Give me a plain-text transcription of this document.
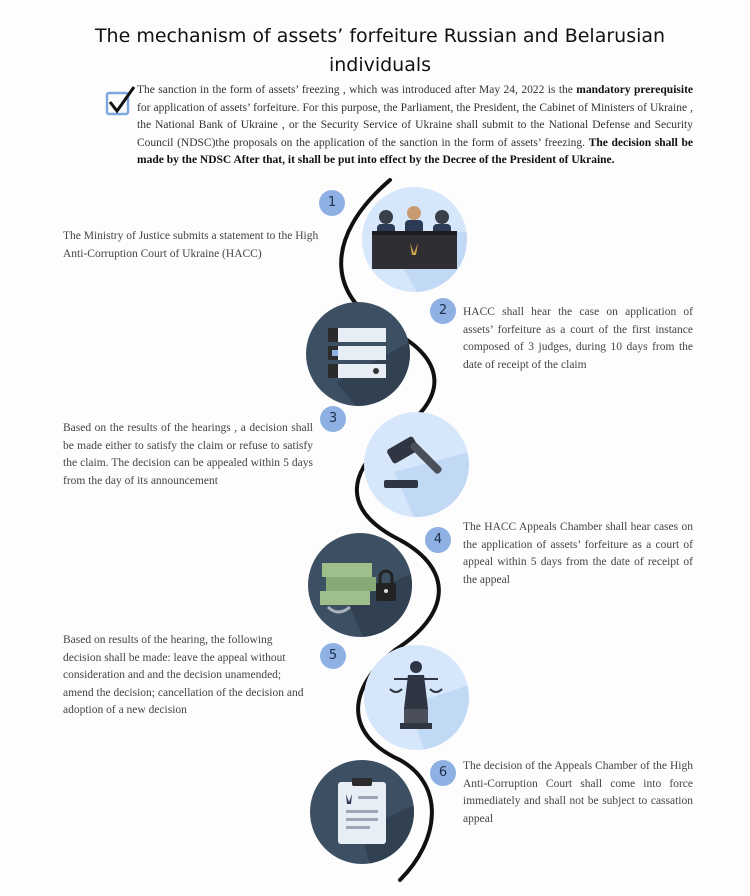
The mechanism of assets’ forfeiture Russian and Belarusian individuals
The sanction in the form of assets’ freezing , which was introduced after May 24, 2022 is the mandatory prerequisite for application of assets’ forfeiture. For this purpose, the Parliament, the President, the Cabinet of Ministers of Ukraine , the National Bank of Ukraine , or the Security Service of Ukraine shall submit to the National Defense and Security Council (NDSC)the proposals on the application of the sanction in the form of assets’ freezing. The decision shall be made by the NDSC After that, it shall be put into effect by the Decree of the President of Ukraine.
1
The Ministry of Justice submits a statement to the High Anti-Corruption Court of Ukraine (HACC)
2	HACC shall hear the case on application of assets’ forfeiture as a court of the first instance composed of 3 judges, during 10 days from the date of receipt of the claim
3
Based on the results of the hearings , a decision shall be made either to satisfy the claim or refuse to satisfy the claim. The decision can be appealed within 5 days from the day of its announcement
4
The HACC Appeals Chamber shall hear cases on the application of assets’ forfeiture as a court of appeal within 5 days from the date of receipt of the appeal
5
Based on results of the hearing, the following decision shall be made: leave the appeal without consideration and and the decision unamended; amend the decision; cancellation of the decision and adoption of a new decision
6	The decision of the Appeals Chamber of the High Anti-Corruption Court shall come into force immediately and shall not be subject to cassation appeal
